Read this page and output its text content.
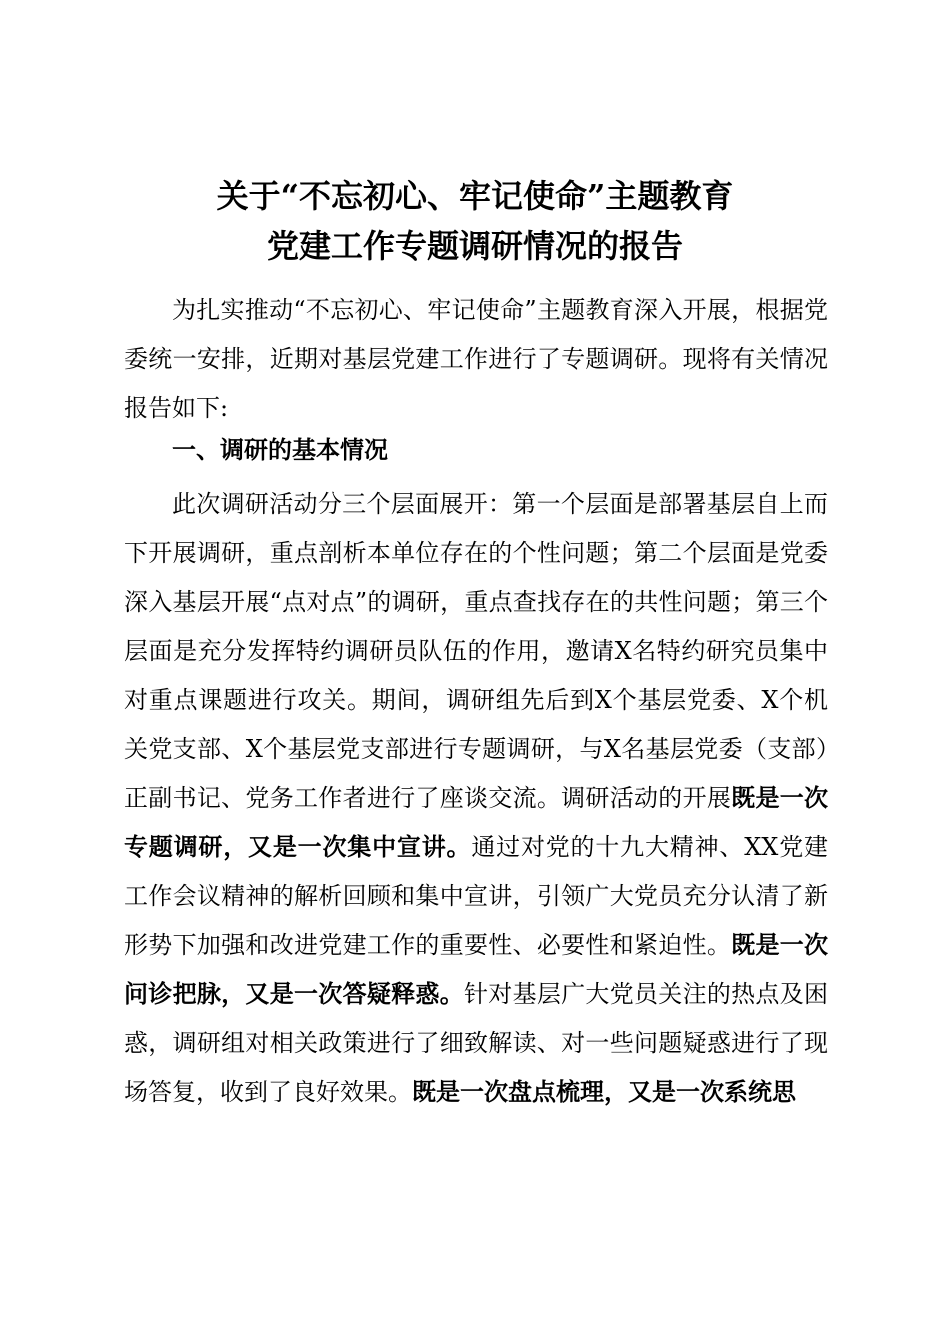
关于“不忘初心、牢记使命”主题教育
党建工作专题调研情况的报告

为扎实推动“不忘初心、牢记使命”主题教育深入开展，根据党委统一安排，近期对基层党建工作进行了专题调研。现将有关情况报告如下:

一、调研的基本情况

此次调研活动分三个层面展开：第一个层面是部署基层自上而下开展调研，重点剖析本单位存在的个性问题；第二个层面是党委深入基层开展“点对点”的调研，重点查找存在的共性问题；第三个层面是充分发挥特约调研员队伍的作用，邀请X名特约研究员集中对重点课题进行攻关。期间，调研组先后到X个基层党委、X个机关党支部、X个基层党支部进行专题调研，与X名基层党委（支部）正副书记、党务工作者进行了座谈交流。调研活动的开展既是一次专题调研，又是一次集中宣讲。通过对党的十九大精神、XX党建工作会议精神的解析回顾和集中宣讲，引领广大党员充分认清了新形势下加强和改进党建工作的重要性、必要性和紧迫性。既是一次问诊把脉，又是一次答疑释惑。针对基层广大党员关注的热点及困惑，调研组对相关政策进行了细致解读、对一些问题疑惑进行了现场答复，收到了良好效果。既是一次盘点梳理，又是一次系统思
